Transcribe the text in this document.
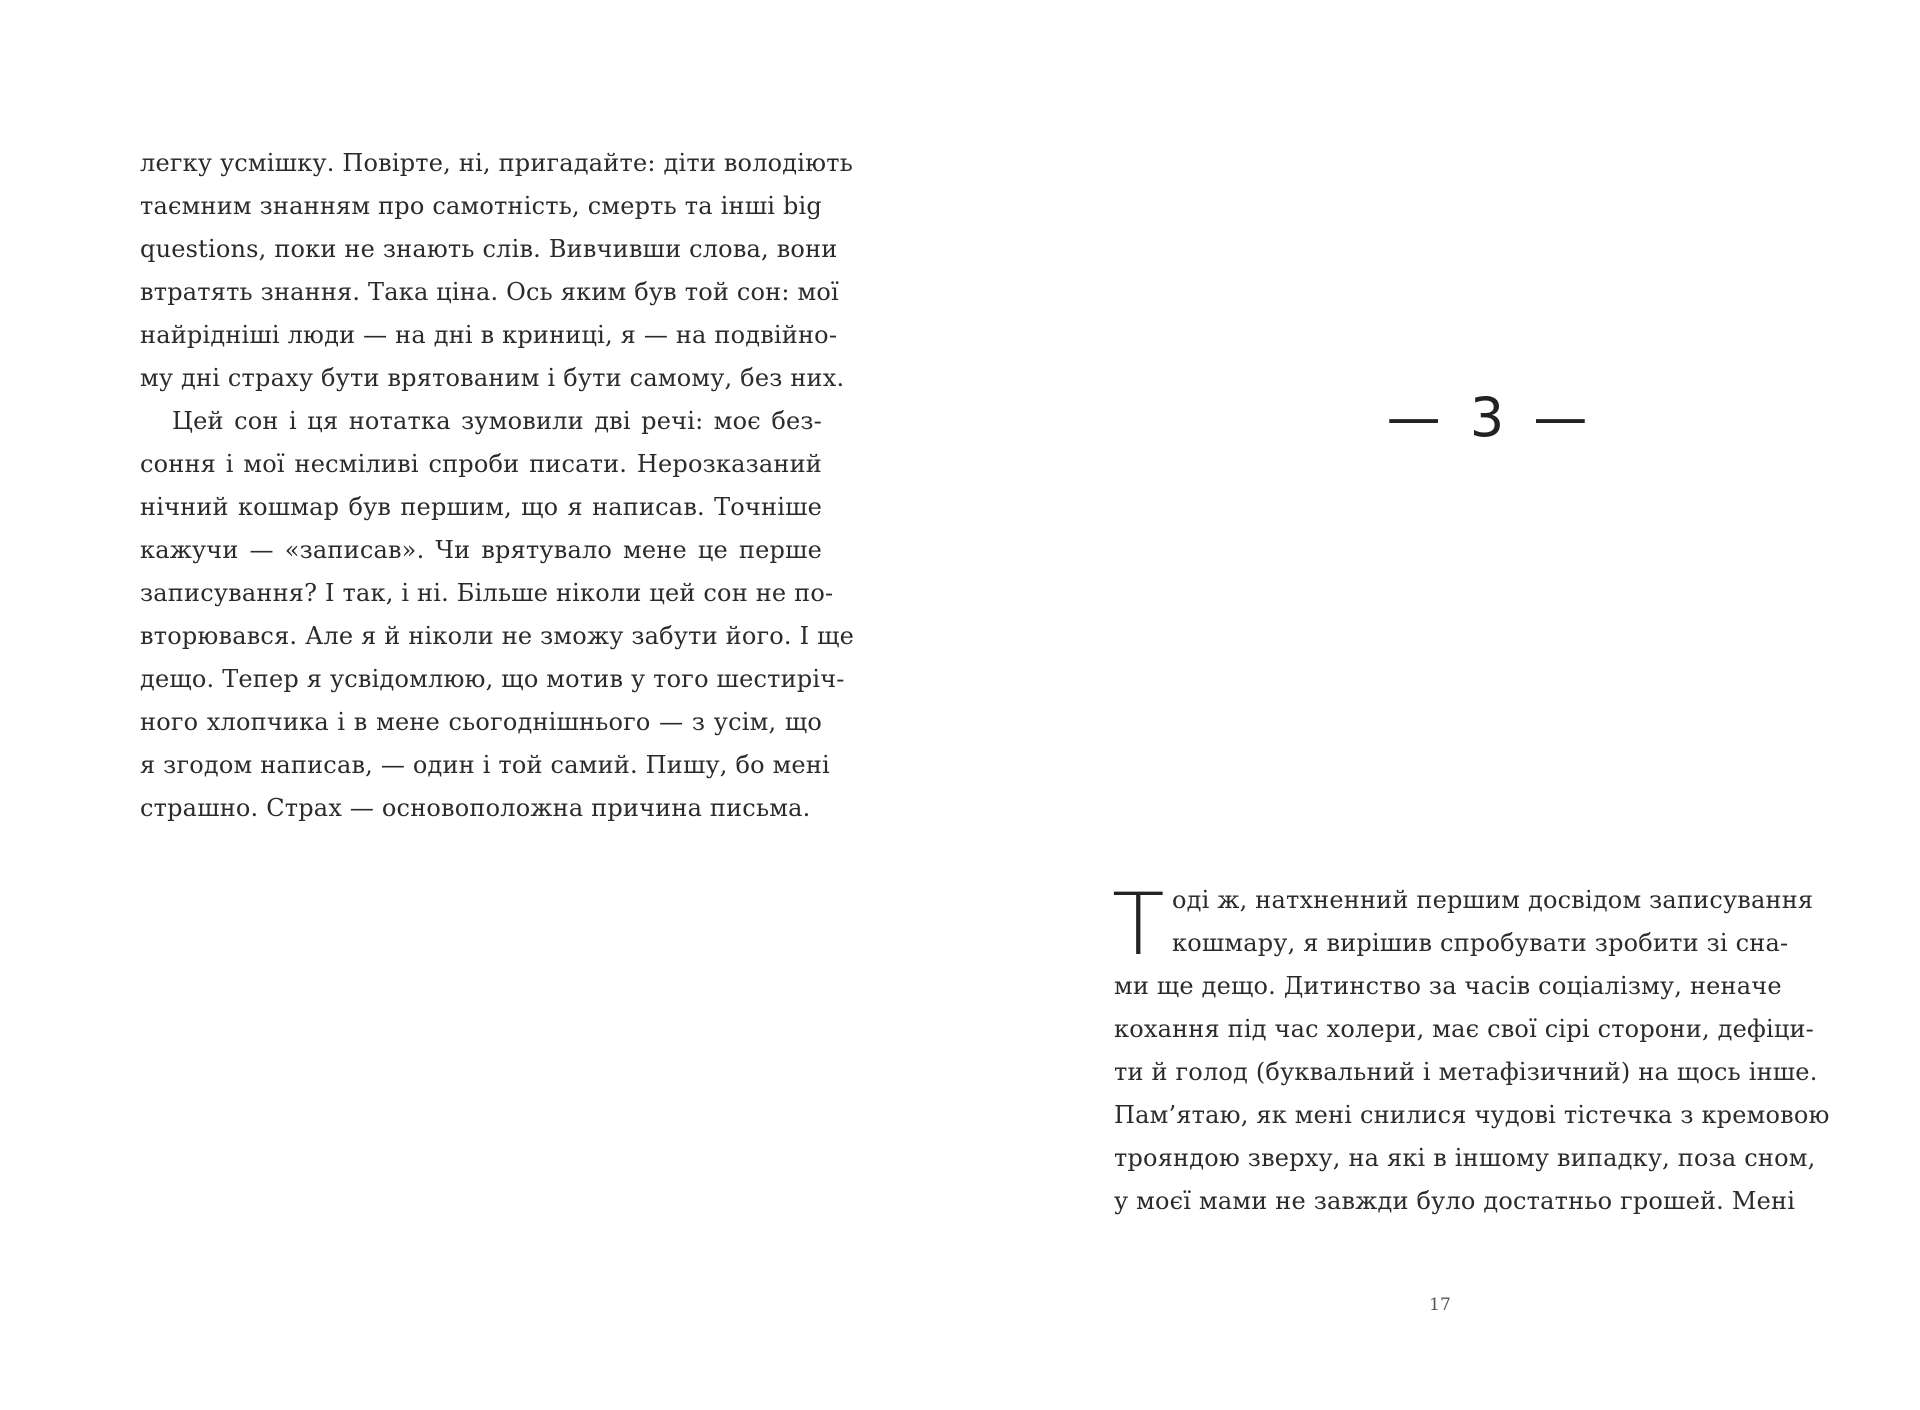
легку усмішку. Повірте, ні, пригадайте: діти володіють
таємним знанням про самотність, смерть та інші big
questions, поки не знають слів. Вивчивши слова, вони
втратять знання. Така ціна. Ось яким був той сон: мої
найрідніші люди — на дні в криниці, я — на подвійно-
му дні страху бути врятованим і бути самому, без них.
Цей сон і ця нотатка зумовили дві речі: моє без-
соння і мої несміливі спроби писати. Нерозказаний
нічний кошмар був першим, що я написав. Точніше
кажучи — «записав». Чи врятувало мене це перше
записування? І так, і ні. Більше ніколи цей сон не по-
вторювався. Але я й ніколи не зможу забути його. І ще
дещо. Тепер я усвідомлюю, що мотив у того шестиріч-
ного хлопчика і в мене сьогоднішнього — з усім, що
я згодом написав, — один і той самий. Пишу, бо мені
страшно. Страх — основоположна причина письма.
— 3 —
Т оді ж, натхненний першим досвідом записування
кошмару, я вирішив спробувати зробити зі сна-
ми ще дещо. Дитинство за часів соціалізму, неначе
кохання під час холери, має свої сірі сторони, дефіци-
ти й голод (буквальний і метафізичний) на щось інше.
Пам’ятаю, як мені снилися чудові тістечка з кремовою
трояндою зверху, на які в іншому випадку, поза сном,
у моєї мами не завжди було достатньо грошей. Мені
17
